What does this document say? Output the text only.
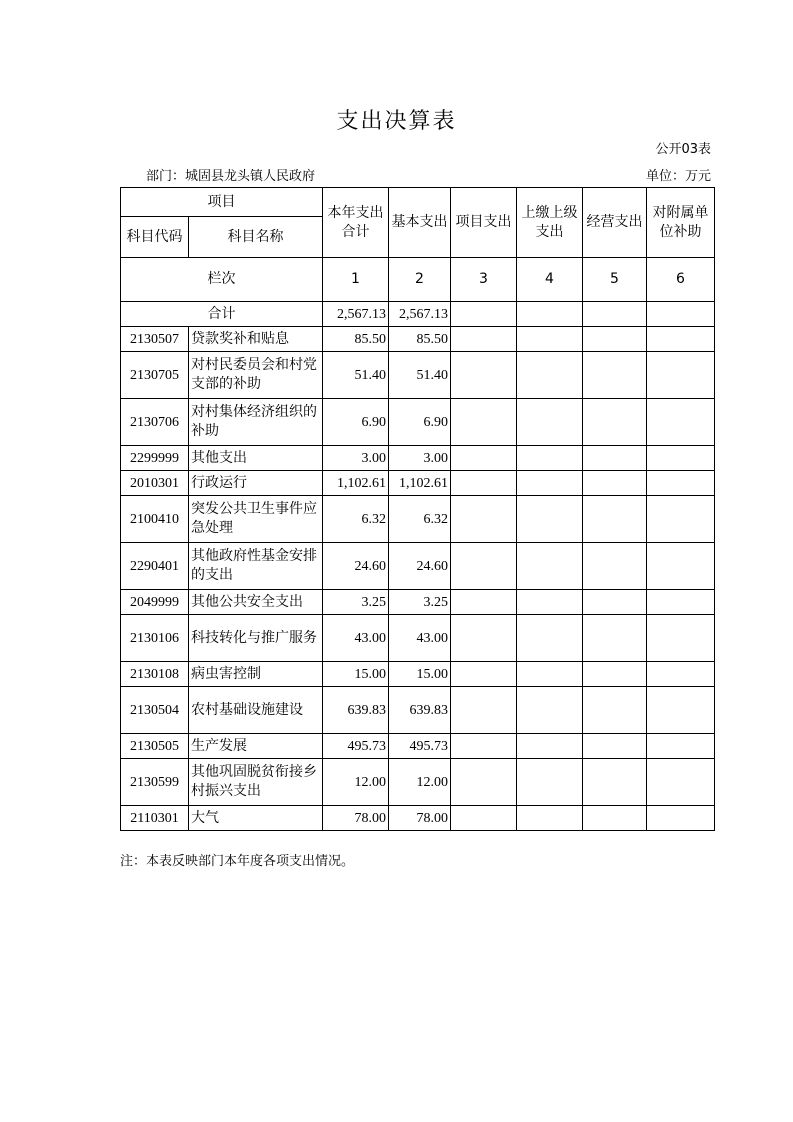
支出决算表
公开03表
部门：城固县龙头镇人民政府	单位：万元
项目		本年支出合计	基本支出	项目支出	上缴上级支出	经营支出	对附属单位补助
科目代码	科目名称						
栏次		1	2	3	4	5	6
合计		2,567.13	2,567.13				
2130507	贷款奖补和贴息	85.50	85.50				
2130705	对村民委员会和村党支部的补助	51.40	51.40				
2130706	对村集体经济组织的补助	6.90	6.90				
2299999	其他支出	3.00	3.00				
2010301	行政运行	1,102.61	1,102.61				
2100410	突发公共卫生事件应急处理	6.32	6.32				
2290401	其他政府性基金安排的支出	24.60	24.60				
2049999	其他公共安全支出	3.25	3.25				
2130106	科技转化与推广服务	43.00	43.00				
2130108	病虫害控制	15.00	15.00				
2130504	农村基础设施建设	639.83	639.83				
2130505	生产发展	495.73	495.73				
2130599	其他巩固脱贫衔接乡村振兴支出	12.00	12.00				
2110301	大气	78.00	78.00				
注：本表反映部门本年度各项支出情况。
